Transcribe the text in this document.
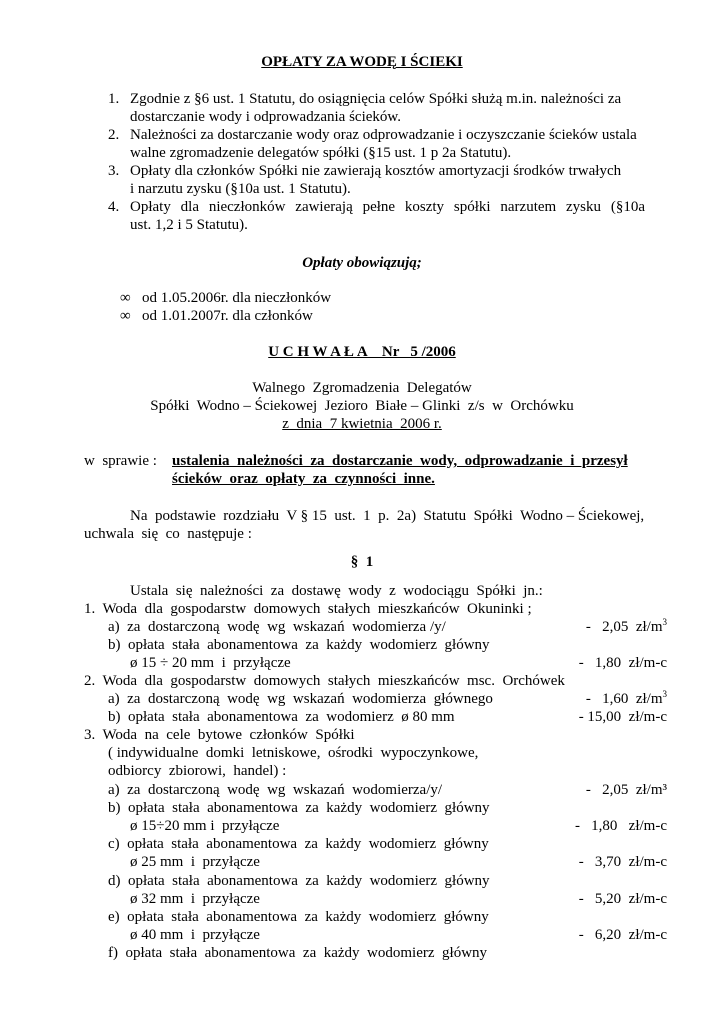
OPŁATY ZA WODĘ I ŚCIEKI
1. Zgodnie z §6 ust. 1 Statutu, do osiągnięcia celów Spółki służą m.in. należności za
dostarczanie wody i odprowadzania ścieków.
2. Należności za dostarczanie wody oraz odprowadzanie i oczyszczanie ścieków ustala
walne zgromadzenie delegatów spółki (§15 ust. 1 p 2a Statutu).
3. Opłaty dla członków Spółki nie zawierają kosztów amortyzacji środków trwałych
i narzutu zysku (§10a ust. 1 Statutu).
4. Opłaty dla nieczłonków zawierają pełne koszty spółki narzutem zysku (§10a
ust. 1,2 i 5 Statutu).
Opłaty obowiązują;
∞ od 1.05.2006r. dla nieczłonków
∞ od 1.01.2007r. dla członków
U C H W A Ł A    Nr   5 /2006
Walnego  Zgromadzenia  Delegatów
Spółki  Wodno – Ściekowej  Jezioro  Białe – Glinki  z/s  w  Orchówku
z  dnia  7 kwietnia  2006 r.
w  sprawie : ustalenia  należności  za  dostarczanie  wody,  odprowadzanie  i  przesył
ścieków  oraz  opłaty  za  czynności  inne.
Na  podstawie  rozdziału  V § 15  ust.  1  p.  2a)  Statutu  Spółki  Wodno – Ściekowej,
uchwala  się  co  następuje :
§  1
Ustala  się  należności  za  dostawę  wody  z  wodociągu  Spółki  jn.:
1.  Woda  dla  gospodarstw  domowych  stałych  mieszkańców  Okuninki ;
a)  za  dostarczoną  wodę  wg  wskazań  wodomierza /y/	-   2,05  $zł/m^3$
b)  opłata  stała  abonamentowa  za  każdy  wodomierz  główny
ø 15 ÷ 20 mm  i  przyłącze	-   1,80  zł/m-c
2.  Woda  dla  gospodarstw  domowych  stałych  mieszkańców  msc.  Orchówek
a)  za  dostarczoną  wodę  wg  wskazań  wodomierza  głównego	-   1,60  $zł/m^3$
b)  opłata  stała  abonamentowa  za  wodomierz  ø 80 mm	- 15,00  zł/m-c
3.  Woda  na  cele  bytowe  członków  Spółki
( indywidualne  domki  letniskowe,  ośrodki  wypoczynkowe,
odbiorcy  zbiorowi,  handel) :
a)  za  dostarczoną  wodę  wg  wskazań  wodomierza/y/	-   2,05  zł/m³
b)  opłata  stała  abonamentowa  za  każdy  wodomierz  główny
ø 15÷20 mm i  przyłącze	-   1,80   zł/m-c
c)  opłata  stała  abonamentowa  za  każdy  wodomierz  główny
ø 25 mm  i  przyłącze	-   3,70  zł/m-c
d)  opłata  stała  abonamentowa  za  każdy  wodomierz  główny
ø 32 mm  i  przyłącze	-   5,20  zł/m-c
e)  opłata  stała  abonamentowa  za  każdy  wodomierz  główny
ø 40 mm  i  przyłącze	-   6,20  zł/m-c
f)  opłata  stała  abonamentowa  za  każdy  wodomierz  główny
